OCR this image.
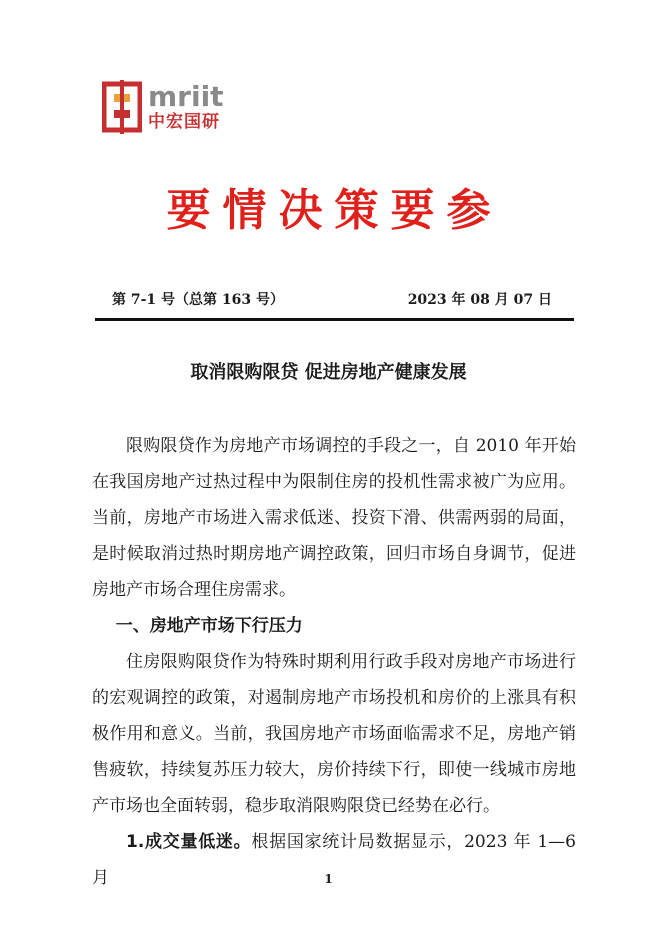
mriit
中宏国研
要情决策要参
第 7-1 号（总第 163 号）	2023 年 08 月 07 日
取消限购限贷 促进房地产健康发展

限购限贷作为房地产市场调控的手段之一，自 2010 年开始在我国房地产过热过程中为限制住房的投机性需求被广为应用。当前，房地产市场进入需求低迷、投资下滑、供需两弱的局面，是时候取消过热时期房地产调控政策，回归市场自身调节，促进房地产市场合理住房需求。

一、房地产市场下行压力

住房限购限贷作为特殊时期利用行政手段对房地产市场进行的宏观调控的政策，对遏制房地产市场投机和房价的上涨具有积极作用和意义。当前，我国房地产市场面临需求不足，房地产销售疲软，持续复苏压力较大，房价持续下行，即使一线城市房地产市场也全面转弱，稳步取消限购限贷已经势在必行。

1.成交量低迷。根据国家统计局数据显示，2023 年 1—6 月	1
